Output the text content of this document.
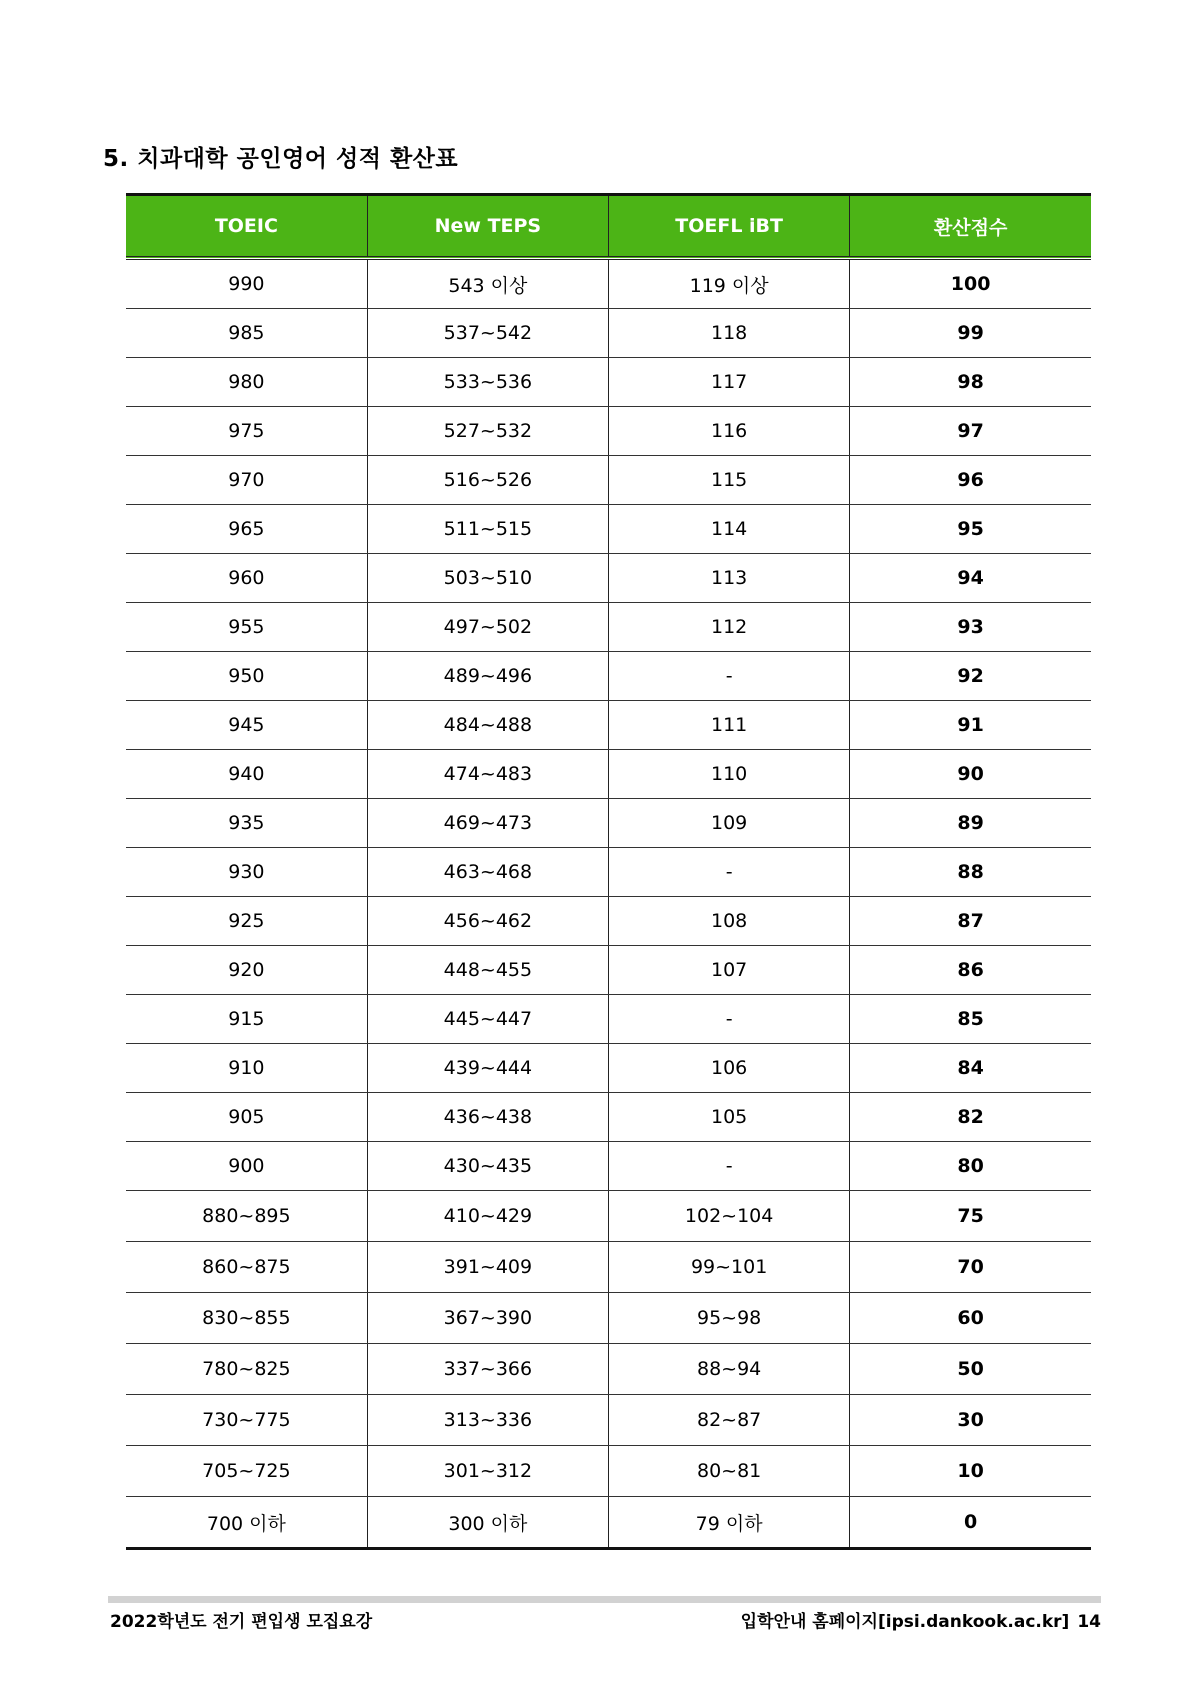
5. 치과대학 공인영어 성적 환산표
TOEIC	New TEPS	TOEFL iBT	환산점수
990	543 이상	119 이상	100
985	537~542	118	99
980	533~536	117	98
975	527~532	116	97
970	516~526	115	96
965	511~515	114	95
960	503~510	113	94
955	497~502	112	93
950	489~496	-	92
945	484~488	111	91
940	474~483	110	90
935	469~473	109	89
930	463~468	-	88
925	456~462	108	87
920	448~455	107	86
915	445~447	-	85
910	439~444	106	84
905	436~438	105	82
900	430~435	-	80
880~895	410~429	102~104	75
860~875	391~409	99~101	70
830~855	367~390	95~98	60
780~825	337~366	88~94	50
730~775	313~336	82~87	30
705~725	301~312	80~81	10
700 이하	300 이하	79 이하	0
2022학년도 전기 편입생 모집요강	입학안내 홈페이지[ipsi.dankook.ac.kr] 14
